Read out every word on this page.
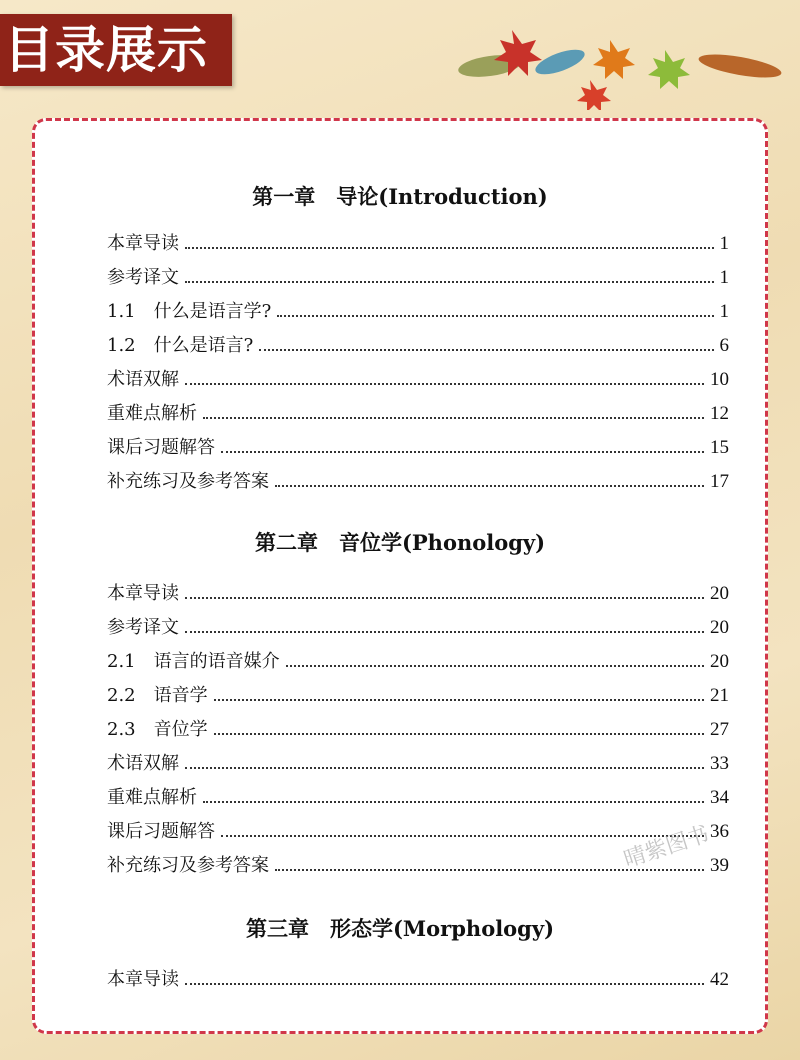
目录展示
第一章　导论(Introduction)
本章导读	1
参考译文	1
1.1　什么是语言学?	1
1.2　什么是语言?	6
术语双解	10
重难点解析	12
课后习题解答	15
补充练习及参考答案	17
第二章　音位学(Phonology)
本章导读	20
参考译文	20
2.1　语言的语音媒介	20
2.2　语音学	21
2.3　音位学	27
术语双解	33
重难点解析	34
课后习题解答	36
补充练习及参考答案	39
第三章　形态学(Morphology)
本章导读	42
晴紫图书
